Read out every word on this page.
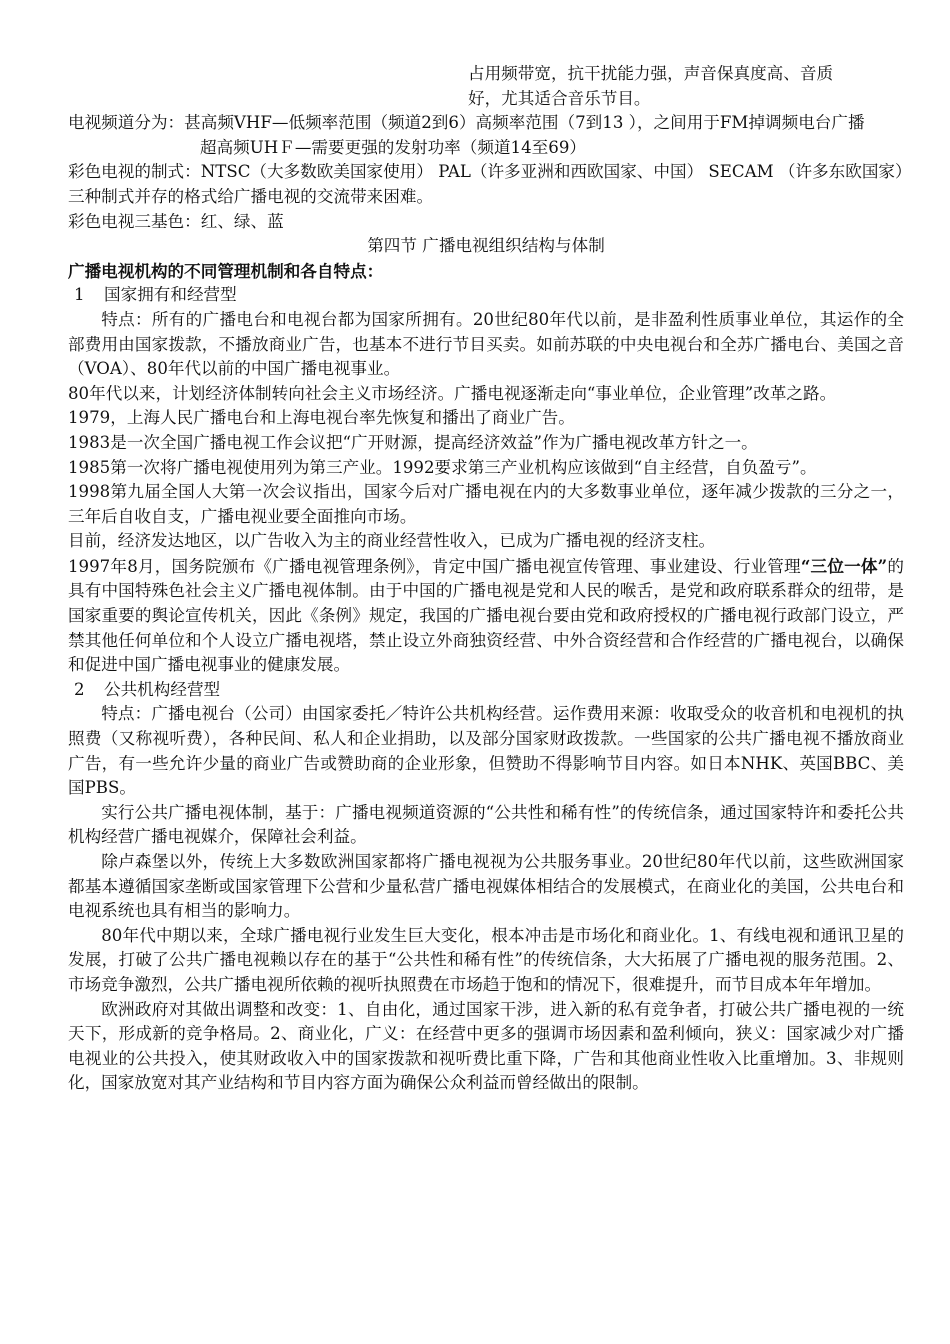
占用频带宽，抗干扰能力强，声音保真度高、音质

好，尤其适合音乐节目。

电视频道分为：甚高频VHF—低频率范围（频道2到6）高频率范围（7到13 ），之间用于FM掉调频电台广播

超高频UHＦ—需要更强的发射功率（频道14至69）

彩色电视的制式：NTSC（大多数欧美国家使用） PAL（许多亚洲和西欧国家、中国） SECAM （许多东欧国家）

三种制式并存的格式给广播电视的交流带来困难。

彩色电视三基色：红、绿、蓝

第四节 广播电视组织结构与体制

广播电视机构的不同管理机制和各自特点：

1 国家拥有和经营型

特点：所有的广播电台和电视台都为国家所拥有。20世纪80年代以前，是非盈利性质事业单位，其运作的全部费用由国家拨款，不播放商业广告，也基本不进行节目买卖。如前苏联的中央电视台和全苏广播电台、美国之音（VOA）、80年代以前的中国广播电视事业。

80年代以来，计划经济体制转向社会主义市场经济。广播电视逐渐走向“事业单位，企业管理”改革之路。

1979，上海人民广播电台和上海电视台率先恢复和播出了商业广告。

1983是一次全国广播电视工作会议把“广开财源，提高经济效益”作为广播电视改革方针之一。

1985第一次将广播电视使用列为第三产业。1992要求第三产业机构应该做到“自主经营，自负盈亏”。

1998第九届全国人大第一次会议指出，国家今后对广播电视在内的大多数事业单位，逐年减少拨款的三分之一，三年后自收自支，广播电视业要全面推向市场。

目前，经济发达地区，以广告收入为主的商业经营性收入，已成为广播电视的经济支柱。

1997年8月，国务院颁布《广播电视管理条例》，肯定中国广播电视宣传管理、事业建设、行业管理“三位一体”的具有中国特殊色社会主义广播电视体制。由于中国的广播电视是党和人民的喉舌，是党和政府联系群众的纽带，是国家重要的舆论宣传机关，因此《条例》规定，我国的广播电视台要由党和政府授权的广播电视行政部门设立，严禁其他任何单位和个人设立广播电视塔，禁止设立外商独资经营、中外合资经营和合作经营的广播电视台，以确保和促进中国广播电视事业的健康发展。

2 公共机构经营型

特点：广播电视台（公司）由国家委托／特许公共机构经营。运作费用来源：收取受众的收音机和电视机的执照费（又称视听费），各种民间、私人和企业捐助，以及部分国家财政拨款。一些国家的公共广播电视不播放商业广告，有一些允许少量的商业广告或赞助商的企业形象，但赞助不得影响节目内容。如日本NHK、英国BBC、美国PBS。

实行公共广播电视体制，基于：广播电视频道资源的“公共性和稀有性”的传统信条，通过国家特许和委托公共机构经营广播电视媒介，保障社会利益。

除卢森堡以外，传统上大多数欧洲国家都将广播电视视为公共服务事业。20世纪80年代以前，这些欧洲国家都基本遵循国家垄断或国家管理下公营和少量私营广播电视媒体相结合的发展模式，在商业化的美国，公共电台和电视系统也具有相当的影响力。

80年代中期以来，全球广播电视行业发生巨大变化，根本冲击是市场化和商业化。1、有线电视和通讯卫星的发展，打破了公共广播电视赖以存在的基于“公共性和稀有性”的传统信条，大大拓展了广播电视的服务范围。2、市场竞争激烈，公共广播电视所依赖的视听执照费在市场趋于饱和的情况下，很难提升，而节目成本年年增加。

欧洲政府对其做出调整和改变：1、自由化，通过国家干涉，进入新的私有竞争者，打破公共广播电视的一统天下，形成新的竞争格局。2、商业化，广义：在经营中更多的强调市场因素和盈利倾向，狭义：国家减少对广播电视业的公共投入，使其财政收入中的国家拨款和视听费比重下降，广告和其他商业性收入比重增加。3、非规则化，国家放宽对其产业结构和节目内容方面为确保公众利益而曾经做出的限制。
